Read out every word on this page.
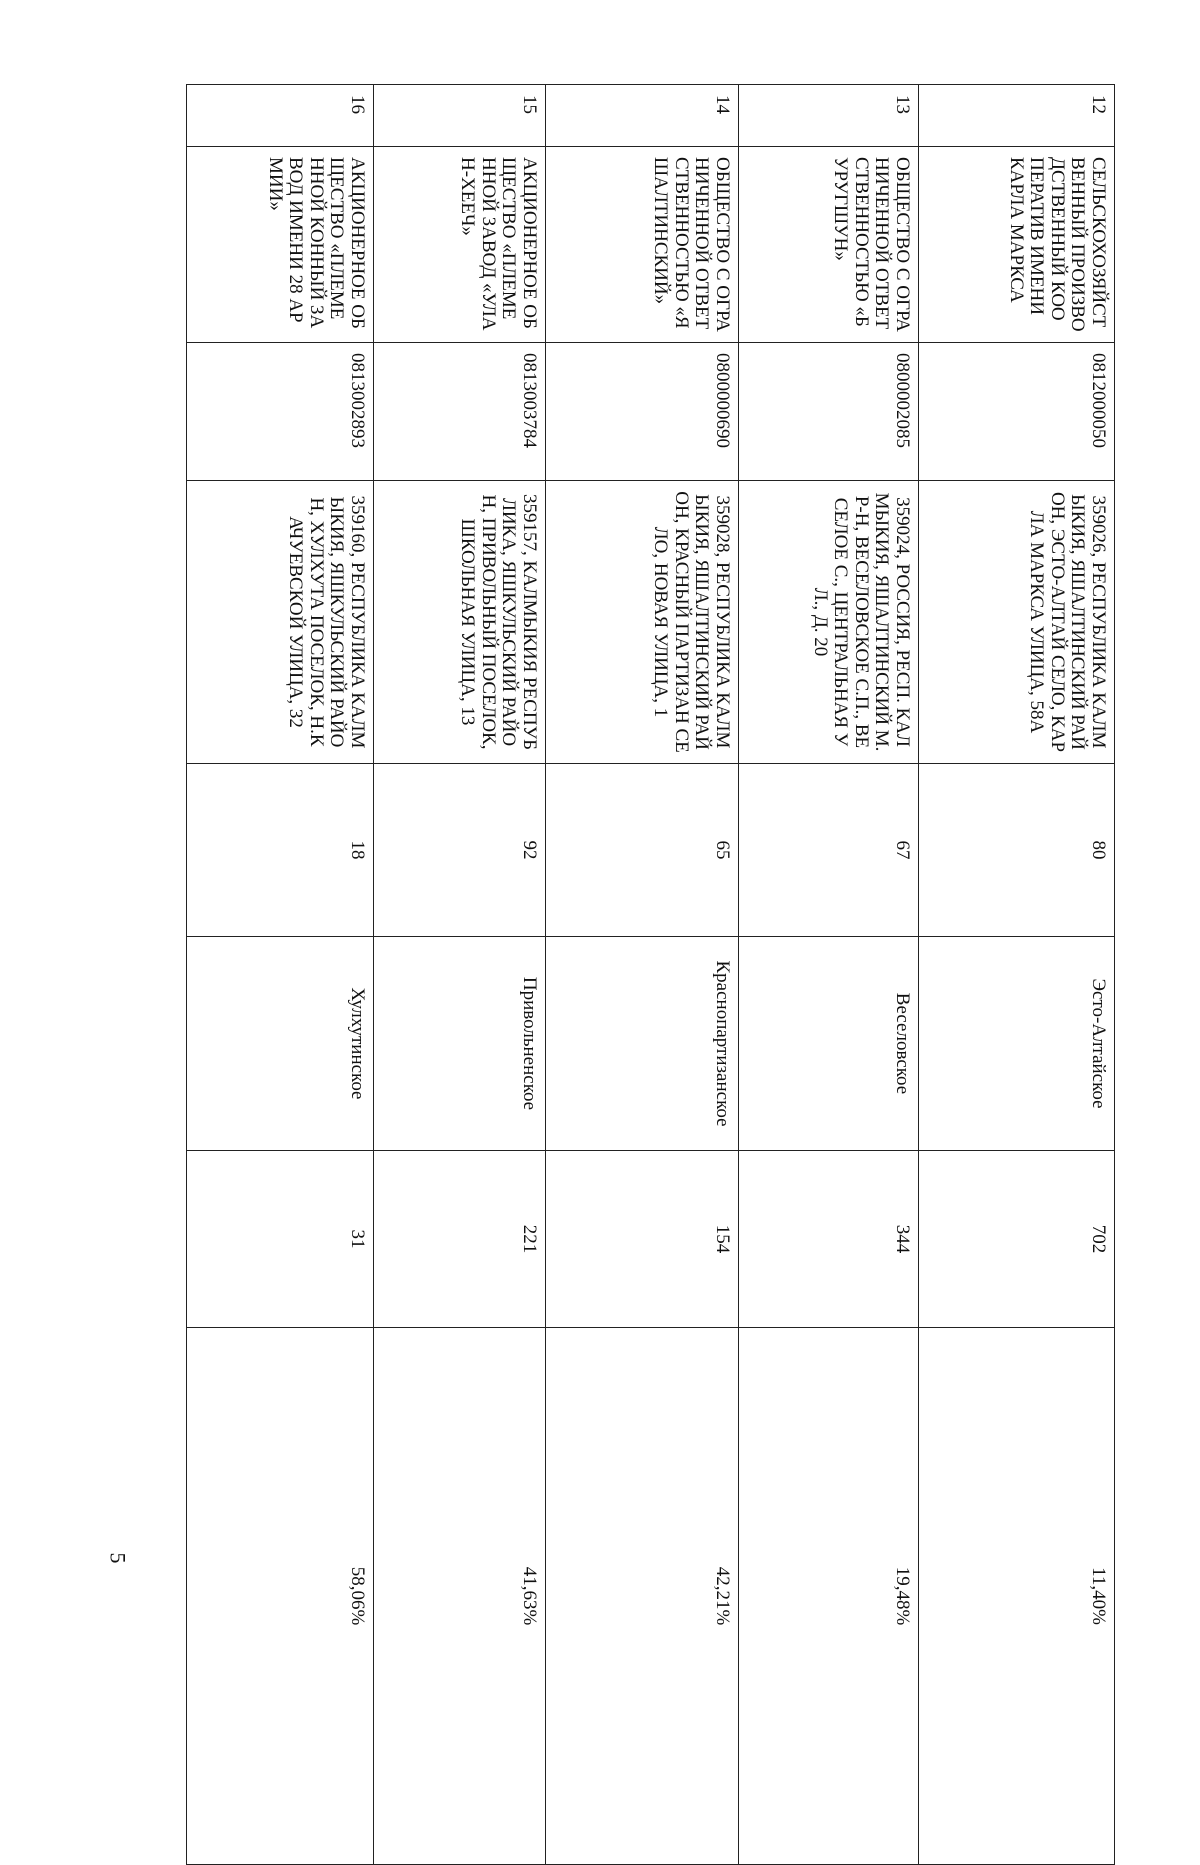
12	СЕЛЬСКОХОЗЯЙСТВЕННЫЙ ПРОИЗВОДСТВЕННЫЙ КООПЕРАТИВ ИМЕНИ КАРЛА МАРКСА	0812000050	359026, РЕСПУБЛИКА КАЛМЫКИЯ, ЯШАЛТИНСКИЙ РАЙОН, ЭСТО-АЛТАЙ СЕЛО, КАРЛА МАРКСА УЛИЦА, 58А	80	Эсто-Алтайское	702	11,40%
13	ОБЩЕСТВО С ОГРАНИЧЕННОЙ ОТВЕТСТВЕННОСТЬЮ «БУРУГШУН»	0800002085	359024, РОССИЯ, РЕСП. КАЛМЫКИЯ, ЯШАЛТИНСКИЙ М.Р-Н, ВЕСЕЛОВСКОЕ С.П., ВЕСЕЛОЕ С., ЦЕНТРАЛЬНАЯ УЛ., Д. 20	67	Веселовское	344	19,48%
14	ОБЩЕСТВО С ОГРАНИЧЕННОЙ ОТВЕТСТВЕННОСТЬЮ «ЯШАЛТИНСКИЙ»	0800000690	359028, РЕСПУБЛИКА КАЛМЫКИЯ, ЯШАЛТИНСКИЙ РАЙОН, КРАСНЫЙ ПАРТИЗАН СЕЛО, НОВАЯ УЛИЦА, 1	65	Краснопартизанское	154	42,21%
15	АКЦИОНЕРНОЕ ОБЩЕСТВО «ПЛЕМЕННОЙ ЗАВОД «УЛАН-ХЕЕЧ»	0813003784	359157, КАЛМЫКИЯ РЕСПУБЛИКА, ЯШКУЛЬСКИЙ РАЙОН, ПРИВОЛЬНЫЙ ПОСЕЛОК, ШКОЛЬНАЯ УЛИЦА, 13	92	Привольненское	221	41,63%
16	АКЦИОНЕРНОЕ ОБЩЕСТВО «ПЛЕМЕННОЙ КОННЫЙ ЗАВОД ИМЕНИ 28 АРМИИ»	0813002893	359160, РЕСПУБЛИКА КАЛМЫКИЯ, ЯШКУЛЬСКИЙ РАЙОН, ХУЛХУТА ПОСЕЛОК, Н.КАЧУЕВСКОЙ УЛИЦА, 32	18	Хулхутинское	31	58,06%
5
